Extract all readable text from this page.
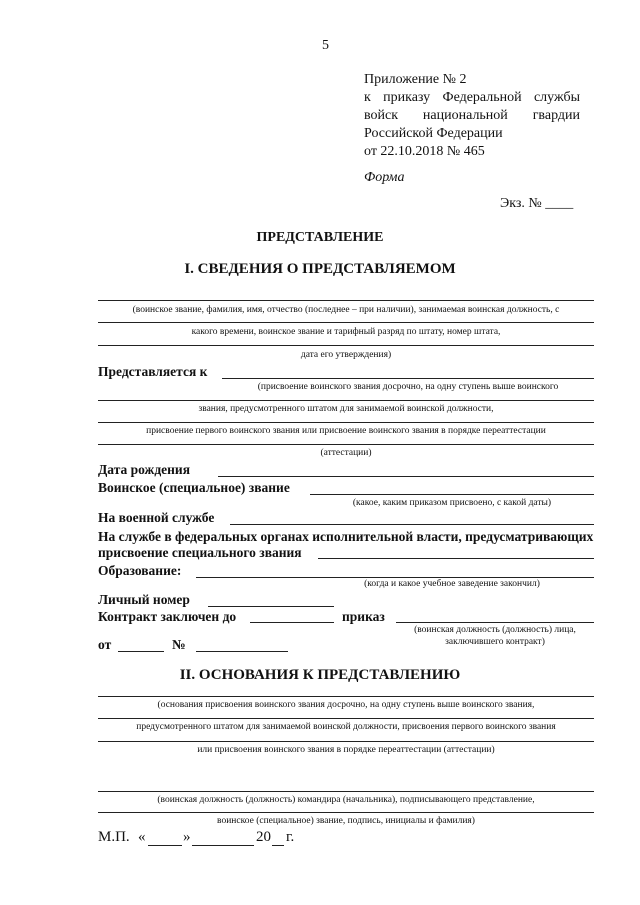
5
Приложение № 2
к приказу Федеральной службы
войск национальной гвардии
Российской Федерации
от 22.10.2018 № 465
Форма
Экз. № ____
ПРЕДСТАВЛЕНИЕ
I. СВЕДЕНИЯ О ПРЕДСТАВЛЯЕМОМ
(воинское звание, фамилия, имя, отчество (последнее – при наличии), занимаемая воинская должность, с
какого времени, воинское звание и тарифный разряд по штату, номер штата,
дата его утверждения)
Представляется к
(присвоение воинского звания досрочно, на одну ступень выше воинского
звания, предусмотренного штатом для занимаемой воинской должности,
присвоение первого воинского звания или присвоение воинского звания в порядке переаттестации
(аттестации)
Дата рождения
Воинское (специальное) звание
(какое, каким приказом присвоено, с какой даты)
На военной службе
На службе в федеральных органах исполнительной власти, предусматривающих
присвоение специального звания
Образование:
(когда и какое учебное заведение закончил)
Личный номер
Контракт заключен до	приказ
(воинская должность (должность) лица,
заключившего контракт)
от	№
II. ОСНОВАНИЯ К ПРЕДСТАВЛЕНИЮ
(основания присвоения воинского звания досрочно, на одну ступень выше воинского звания,
предусмотренного штатом для занимаемой воинской должности, присвоения первого воинского звания
или присвоения воинского звания в порядке переаттестации (аттестации)
(воинская должность (должность) командира (начальника), подписывающего представление,
воинское (специальное) звание, подпись, инициалы и фамилия)
М.П. «	»	20 г.
